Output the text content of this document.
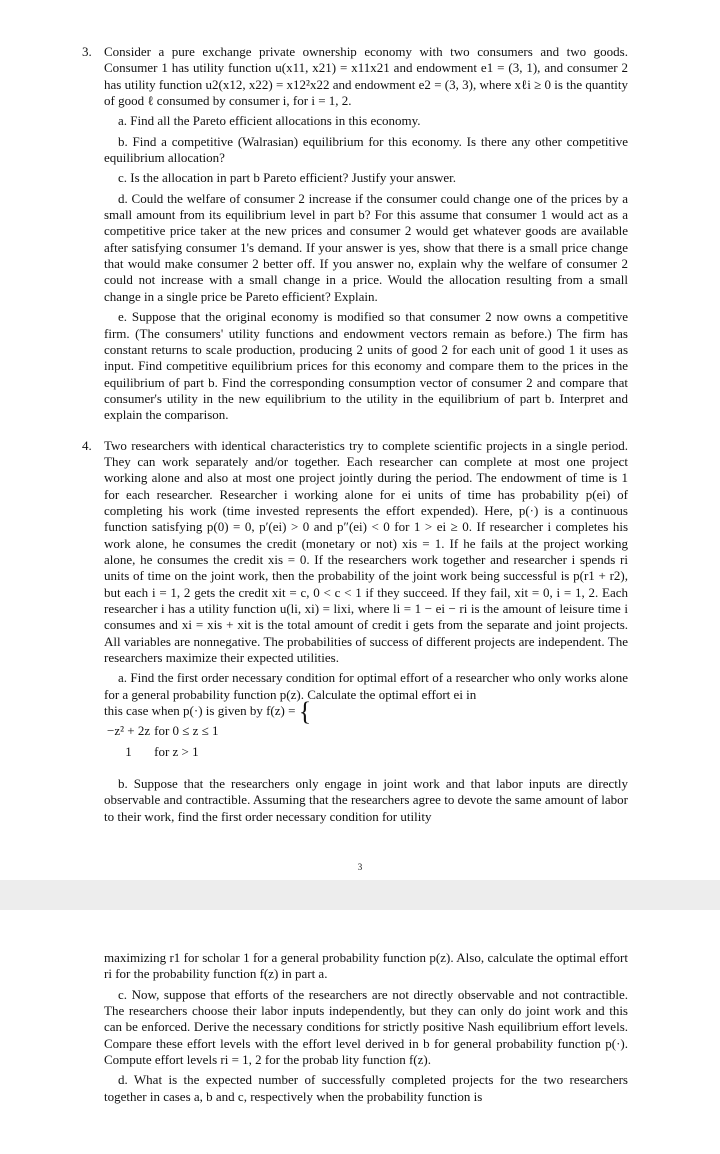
3. Consider a pure exchange private ownership economy with two consumers and two goods. Consumer 1 has utility function u(x11, x21) = x11x21 and endowment e1 = (3, 1), and consumer 2 has utility function u2(x12, x22) = x12²x22 and endowment e2 = (3, 3), where xℓi ≥ 0 is the quantity of good ℓ consumed by consumer i, for i = 1, 2.

a. Find all the Pareto efficient allocations in this economy.

b. Find a competitive (Walrasian) equilibrium for this economy. Is there any other competitive equilibrium allocation?

c. Is the allocation in part b Pareto efficient? Justify your answer.

d. Could the welfare of consumer 2 increase if the consumer could change one of the prices by a small amount from its equilibrium level in part b? For this assume that consumer 1 would act as a competitive price taker at the new prices and consumer 2 would get whatever goods are available after satisfying consumer 1's demand. If your answer is yes, show that there is a small price change that would make consumer 2 better off. If you answer no, explain why the welfare of consumer 2 could not increase with a small change in a price. Would the allocation resulting from a small change in a single price be Pareto efficient? Explain.

e. Suppose that the original economy is modified so that consumer 2 now owns a competitive firm. (The consumers' utility functions and endowment vectors remain as before.) The firm has constant returns to scale production, producing 2 units of good 2 for each unit of good 1 it uses as input. Find competitive equilibrium prices for this economy and compare them to the prices in the equilibrium of part b. Find the corresponding consumption vector of consumer 2 and compare that consumer's utility in the new equilibrium to the utility in the equilibrium of part b. Interpret and explain the comparison.

4. Two researchers with identical characteristics try to complete scientific projects in a single period. They can work separately and/or together. Each researcher can complete at most one project working alone and also at most one project jointly during the period. The endowment of time is 1 for each researcher. Researcher i working alone for ei units of time has probability p(ei) of completing his work (time invested represents the effort expended). Here, p(·) is a continuous function satisfying p(0) = 0, p′(ei) > 0 and p″(ei) < 0 for 1 > ei ≥ 0. If researcher i completes his work alone, he consumes the credit (monetary or not) xis = 1. If he fails at the project working alone, he consumes the credit xis = 0. If the researchers work together and researcher i spends ri units of time on the joint work, then the probability of the joint work being successful is p(r1 + r2), but each i = 1, 2 gets the credit xit = c, 0 < c < 1 if they succeed. If they fail, xit = 0, i = 1, 2. Each researcher i has a utility function u(li, xi) = lixi, where li = 1 − ei − ri is the amount of leisure time i consumes and xi = xis + xit is the total amount of credit i gets from the separate and joint projects. All variables are nonnegative. The probabilities of success of different projects are independent. The researchers maximize their expected utilities.

a. Find the first order necessary condition for optimal effort of a researcher who only works alone for a general probability function p(z). Calculate the optimal effort ei in
this case when p(·) is given by f(z) = {

−z² + 2z	for 0 ≤ z ≤ 1
1	for z > 1

b. Suppose that the researchers only engage in joint work and that labor inputs are directly observable and contractible. Assuming that the researchers agree to devote the same amount of labor to their work, find the first order necessary condition for utility

3

maximizing r1 for scholar 1 for a general probability function p(z). Also, calculate the optimal effort ri for the probability function f(z) in part a.

c. Now, suppose that efforts of the researchers are not directly observable and not contractible. The researchers choose their labor inputs independently, but they can only do joint work and this can be enforced. Derive the necessary conditions for strictly positive Nash equilibrium effort levels. Compare these effort levels with the effort level derived in b for general probability function p(·). Compute effort levels ri = 1, 2 for the probab lity function f(z).

d. What is the expected number of successfully completed projects for the two researchers together in cases a, b and c, respectively when the probability function is
